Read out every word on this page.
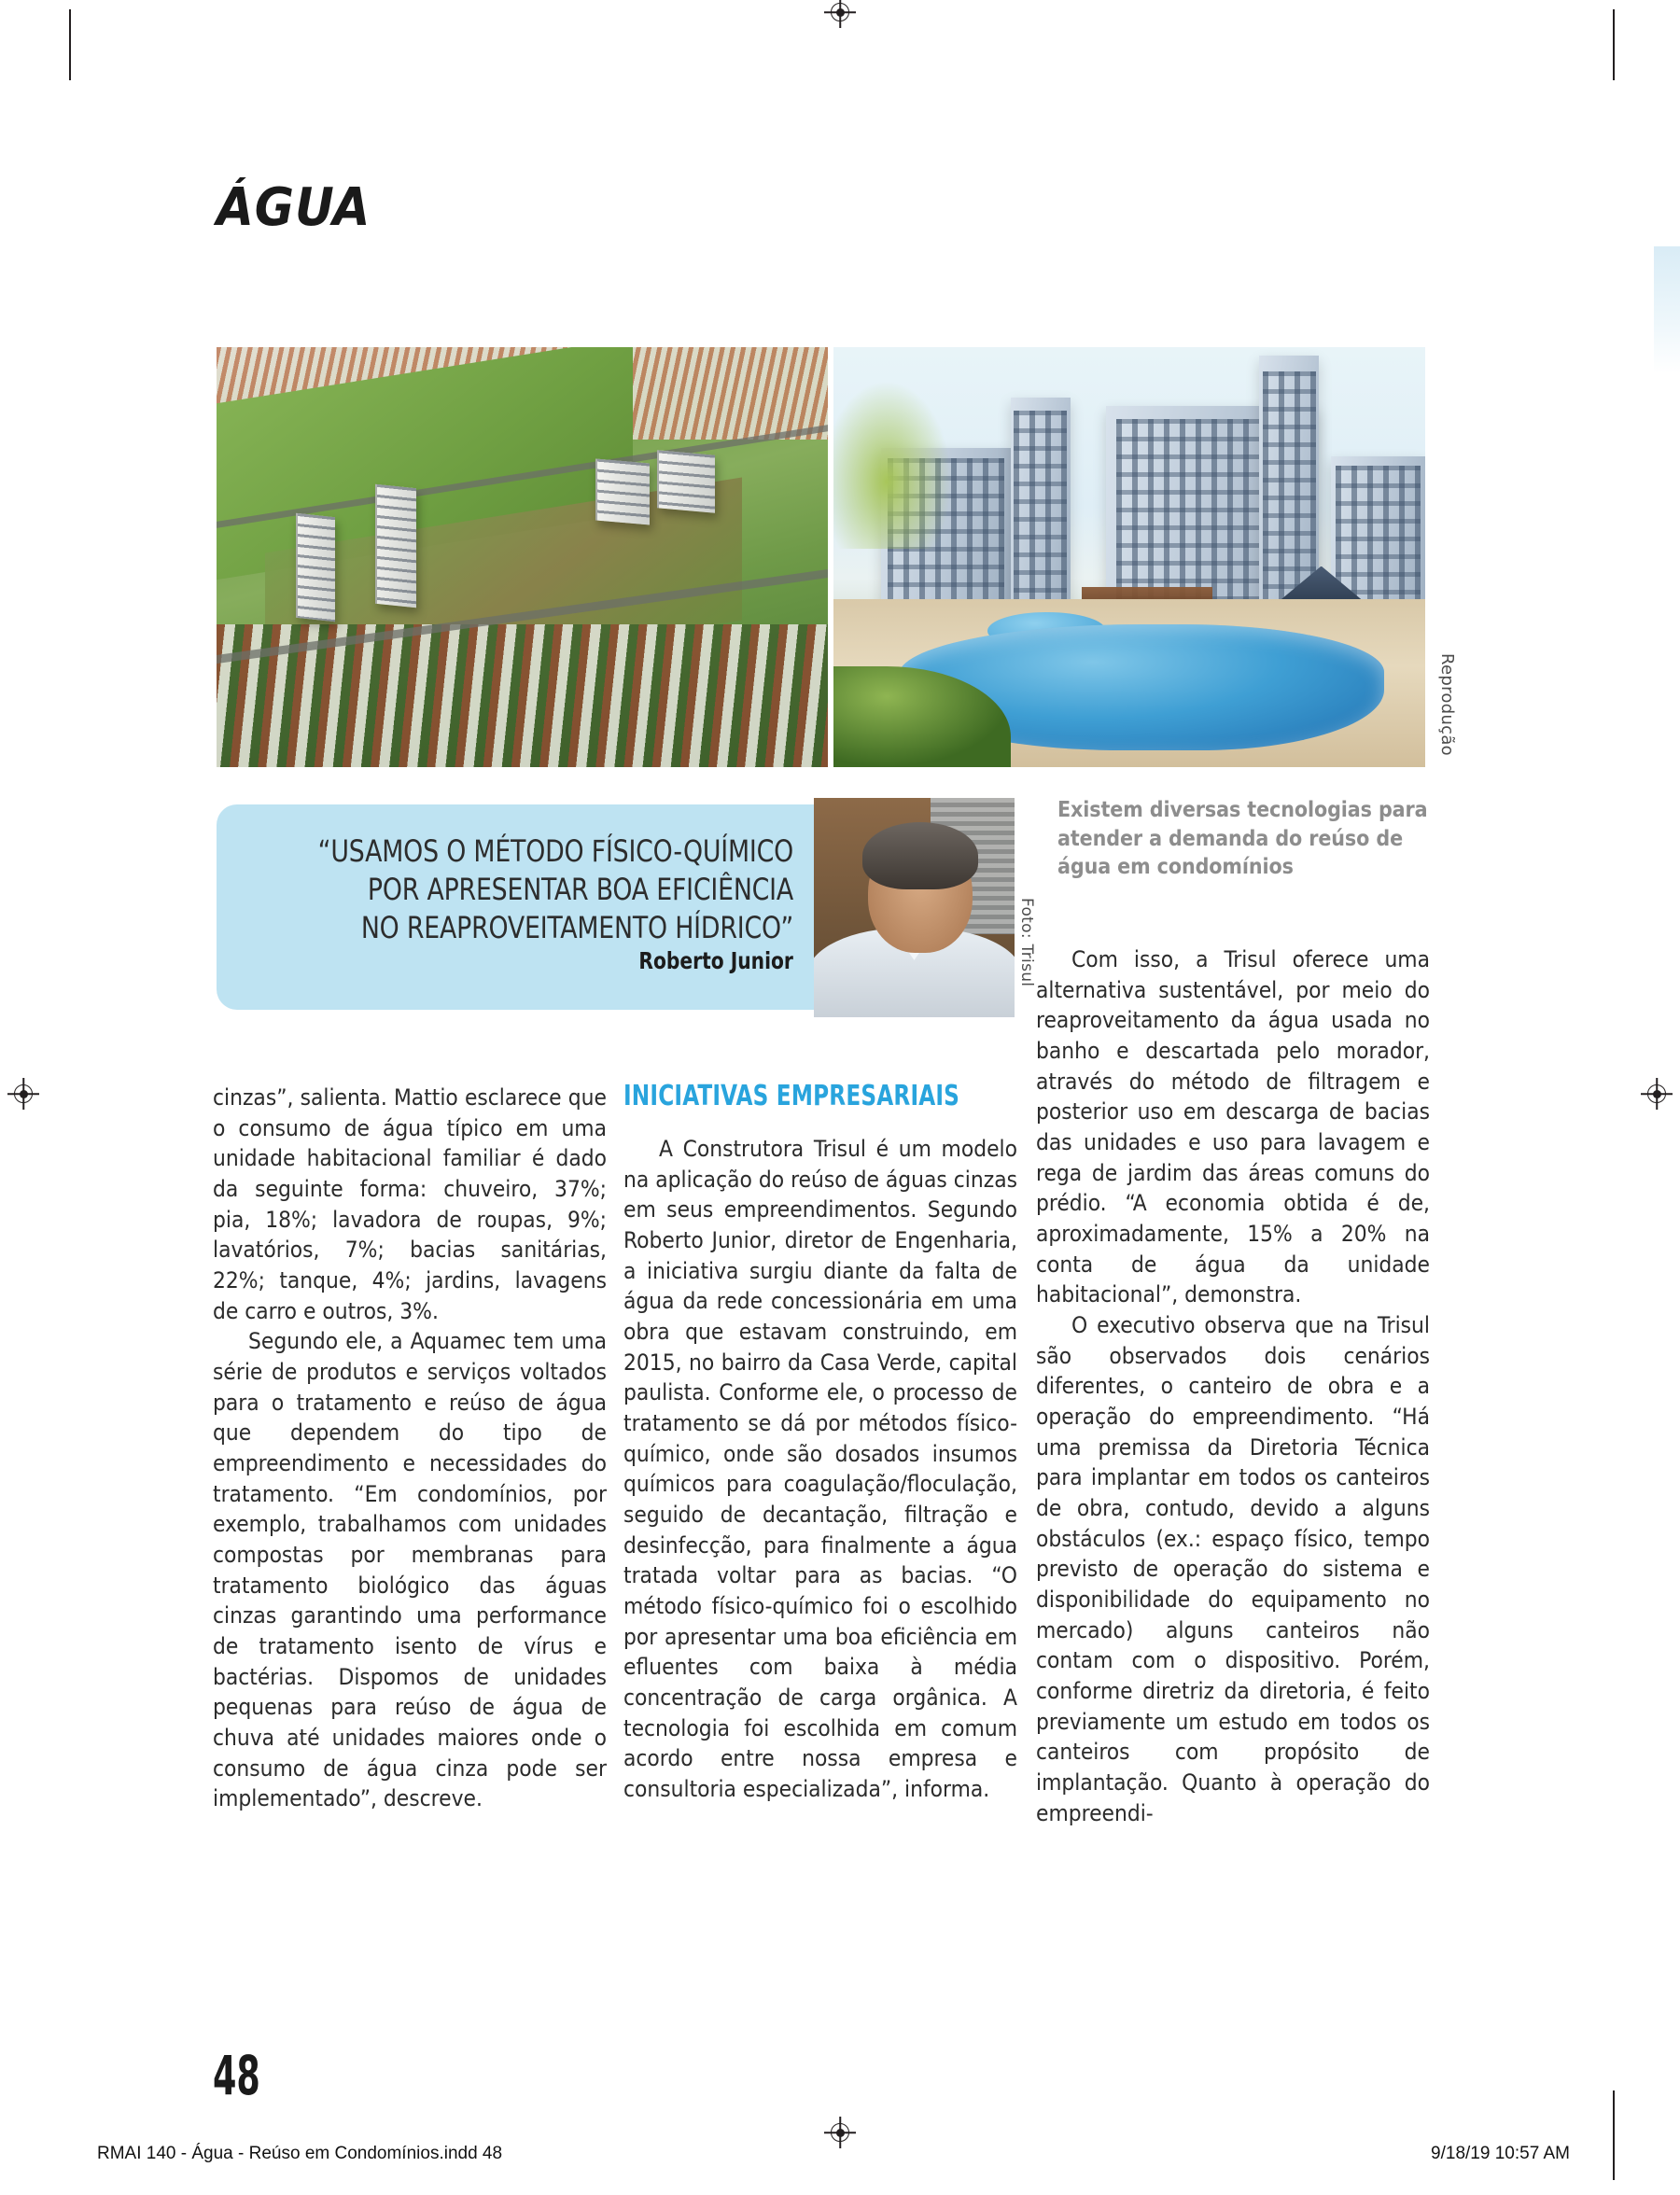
ÁGUA
Reprodução
“USAMOS O MÉTODO FÍSICO-QUÍMICO
POR APRESENTAR BOA EFICIÊNCIA
NO REAPROVEITAMENTO HÍDRICO”
Roberto Junior	Foto: Trisul
Existem diversas tecnologias para atender a demanda do reúso de água em condomínios

cinzas”, salienta. Mattio esclarece que o consumo de água típico em uma unidade habitacional familiar é dado da seguinte forma: chuveiro, 37%; pia, 18%; lavadora de roupas, 9%; lavatórios, 7%; bacias sanitárias, 22%; tanque, 4%; jardins, lavagens de carro e outros, 3%.

Segundo ele, a Aquamec tem uma série de produtos e serviços voltados para o tratamento e reúso de água que dependem do tipo de empreendimento e necessidades do tratamento. “Em condomínios, por exemplo, trabalhamos com unidades compostas por membranas para tratamento biológico das águas cinzas garantindo uma performance de tratamento isento de vírus e bactérias. Dispomos de unidades pequenas para reúso de água de chuva até unidades maiores onde o consumo de água cinza pode ser implementado”, descreve.

INICIATIVAS EMPRESARIAIS

A Construtora Trisul é um modelo na aplicação do reúso de águas cinzas em seus empreendimentos. Segundo Roberto Junior, diretor de Engenharia, a iniciativa surgiu diante da falta de água da rede concessionária em uma obra que estavam construindo, em 2015, no bairro da Casa Verde, capital paulista. Conforme ele, o processo de tratamento se dá por métodos físico-químico, onde são dosados insumos químicos para coagulação/floculação, seguido de decantação, filtração e desinfecção, para finalmente a água tratada voltar para as bacias. “O método físico-químico foi o escolhido por apresentar uma boa eficiência em efluentes com baixa à média concentração de carga orgânica. A tecnologia foi escolhida em comum acordo entre nossa empresa e consultoria especializada”, informa.

Com isso, a Trisul oferece uma alternativa sustentável, por meio do reaproveitamento da água usada no banho e descartada pelo morador, através do método de filtragem e posterior uso em descarga de bacias das unidades e uso para lavagem e rega de jardim das áreas comuns do prédio. “A economia obtida é de, aproximadamente, 15% a 20% na conta de água da unidade habitacional”, demonstra.

O executivo observa que na Trisul são observados dois cenários diferentes, o canteiro de obra e a operação do empreendimento. “Há uma premissa da Diretoria Técnica para implantar em todos os canteiros de obra, contudo, devido a alguns obstáculos (ex.: espaço físico, tempo previsto de operação do sistema e disponibilidade do equipamento no mercado) alguns canteiros não contam com o dispositivo. Porém, conforme diretriz da diretoria, é feito previamente um estudo em todos os canteiros com propósito de implantação. Quanto à operação do empreendi-

48
RMAI 140 - Água - Reúso em Condomínios.indd 48	9/18/19 10:57 AM
